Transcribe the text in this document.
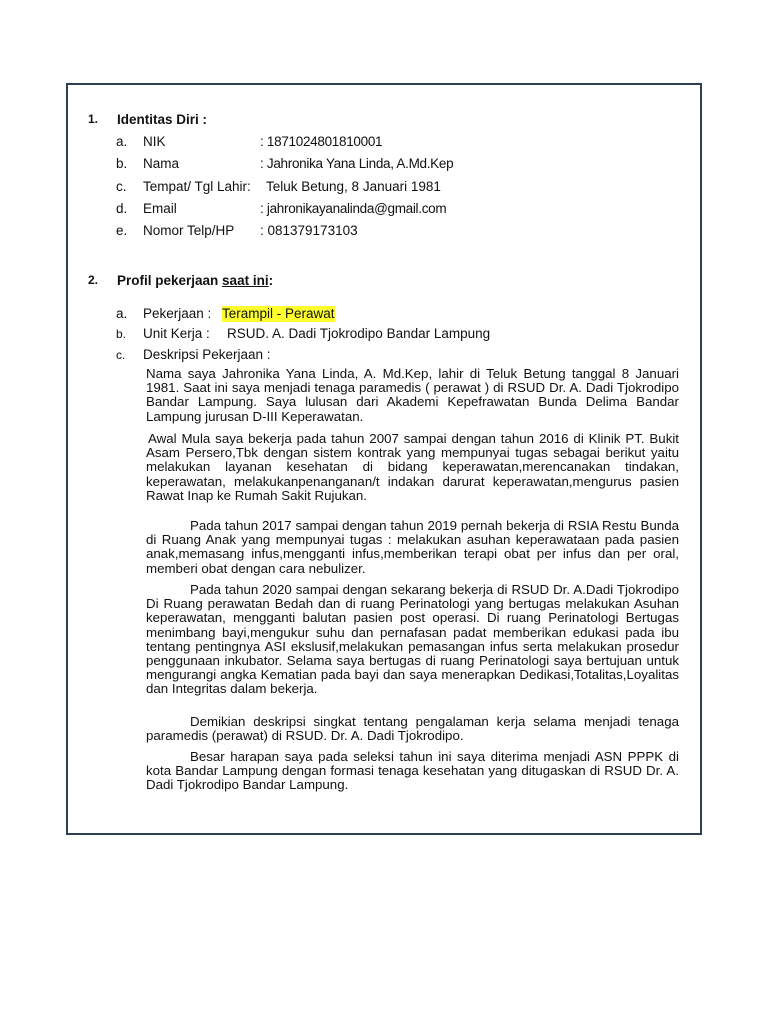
1. Identitas Diri :
a. NIK	: 1871024801810001
b. Nama	: Jahronika Yana Linda, A.Md.Kep
c. Tempat/ Tgl Lahir: Teluk Betung, 8 Januari 1981
d. Email	: jahronikayanalinda@gmail.com
e. Nomor Telp/HP : 081379173103
2. Profil pekerjaan saat ini:
a. Pekerjaan : Terampil - Perawat
b. Unit Kerja : RSUD. A. Dadi Tjokrodipo Bandar Lampung
c. Deskripsi Pekerjaan :

Nama saya Jahronika Yana Linda, A. Md.Kep, lahir di Teluk Betung tanggal 8 Januari 1981. Saat ini saya menjadi tenaga paramedis ( perawat ) di RSUD Dr. A. Dadi Tjokrodipo Bandar Lampung. Saya lulusan dari Akademi Kepefrawatan Bunda Delima Bandar Lampung jurusan D-III Keperawatan.

Awal Mula saya bekerja pada tahun 2007 sampai dengan tahun 2016 di Klinik PT. Bukit Asam Persero,Tbk dengan sistem kontrak yang mempunyai tugas sebagai berikut yaitu melakukan layanan kesehatan di bidang keperawatan,merencanakan tindakan, keperawatan, melakukanpenanganan/t indakan darurat keperawatan,mengurus pasien Rawat Inap ke Rumah Sakit Rujukan.

Pada tahun 2017 sampai dengan tahun 2019 pernah bekerja di RSIA Restu Bunda di Ruang Anak yang mempunyai tugas : melakukan asuhan keperawataan pada pasien anak,memasang infus,mengganti infus,memberikan terapi obat per infus dan per oral, memberi obat dengan cara nebulizer.

Pada tahun 2020 sampai dengan sekarang bekerja di RSUD Dr. A.Dadi Tjokrodipo Di Ruang perawatan Bedah dan di ruang Perinatologi yang bertugas melakukan Asuhan keperawatan, mengganti balutan pasien post operasi. Di ruang Perinatologi Bertugas menimbang bayi,mengukur suhu dan pernafasan padat memberikan edukasi pada ibu tentang pentingnya ASI ekslusif,melakukan pemasangan infus serta melakukan prosedur penggunaan inkubator. Selama saya bertugas di ruang Perinatologi saya bertujuan untuk mengurangi angka Kematian pada bayi dan saya menerapkan Dedikasi,Totalitas,Loyalitas dan Integritas dalam bekerja.

Demikian deskripsi singkat tentang pengalaman kerja selama menjadi tenaga paramedis (perawat) di RSUD. Dr. A. Dadi Tjokrodipo.

Besar harapan saya pada seleksi tahun ini saya diterima menjadi ASN PPPK di kota Bandar Lampung dengan formasi tenaga kesehatan yang ditugaskan di RSUD Dr. A. Dadi Tjokrodipo Bandar Lampung.
